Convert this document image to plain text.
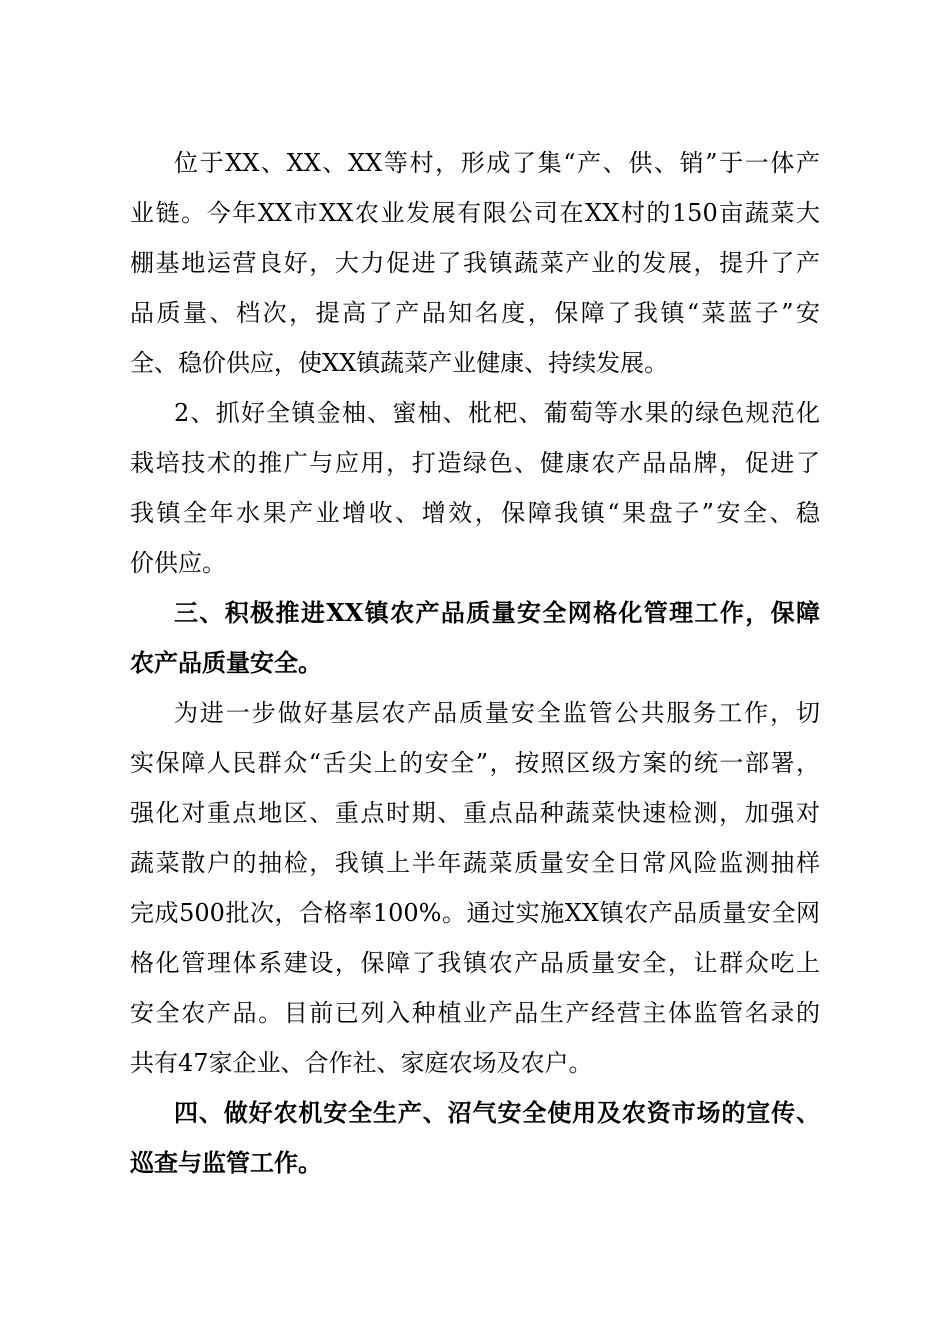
位于XX、XX、XX等村，形成了集“产、供、销”于一体产
业链。今年XX市XX农业发展有限公司在XX村的150亩蔬菜大
棚基地运营良好，大力促进了我镇蔬菜产业的发展，提升了产
品质量、档次，提高了产品知名度，保障了我镇“菜蓝子”安
全、稳价供应，使XX镇蔬菜产业健康、持续发展。
2、抓好全镇金柚、蜜柚、枇杷、葡萄等水果的绿色规范化
栽培技术的推广与应用，打造绿色、健康农产品品牌，促进了
我镇全年水果产业增收、增效，保障我镇“果盘子”安全、稳
价供应。
三、积极推进XX镇农产品质量安全网格化管理工作，保障
农产品质量安全。
为进一步做好基层农产品质量安全监管公共服务工作，切
实保障人民群众“舌尖上的安全”，按照区级方案的统一部署，
强化对重点地区、重点时期、重点品种蔬菜快速检测，加强对
蔬菜散户的抽检，我镇上半年蔬菜质量安全日常风险监测抽样
完成500批次，合格率100%。通过实施XX镇农产品质量安全网
格化管理体系建设，保障了我镇农产品质量安全，让群众吃上
安全农产品。目前已列入种植业产品生产经营主体监管名录的
共有47家企业、合作社、家庭农场及农户。
四、做好农机安全生产、沼气安全使用及农资市场的宣传、
巡查与监管工作。
